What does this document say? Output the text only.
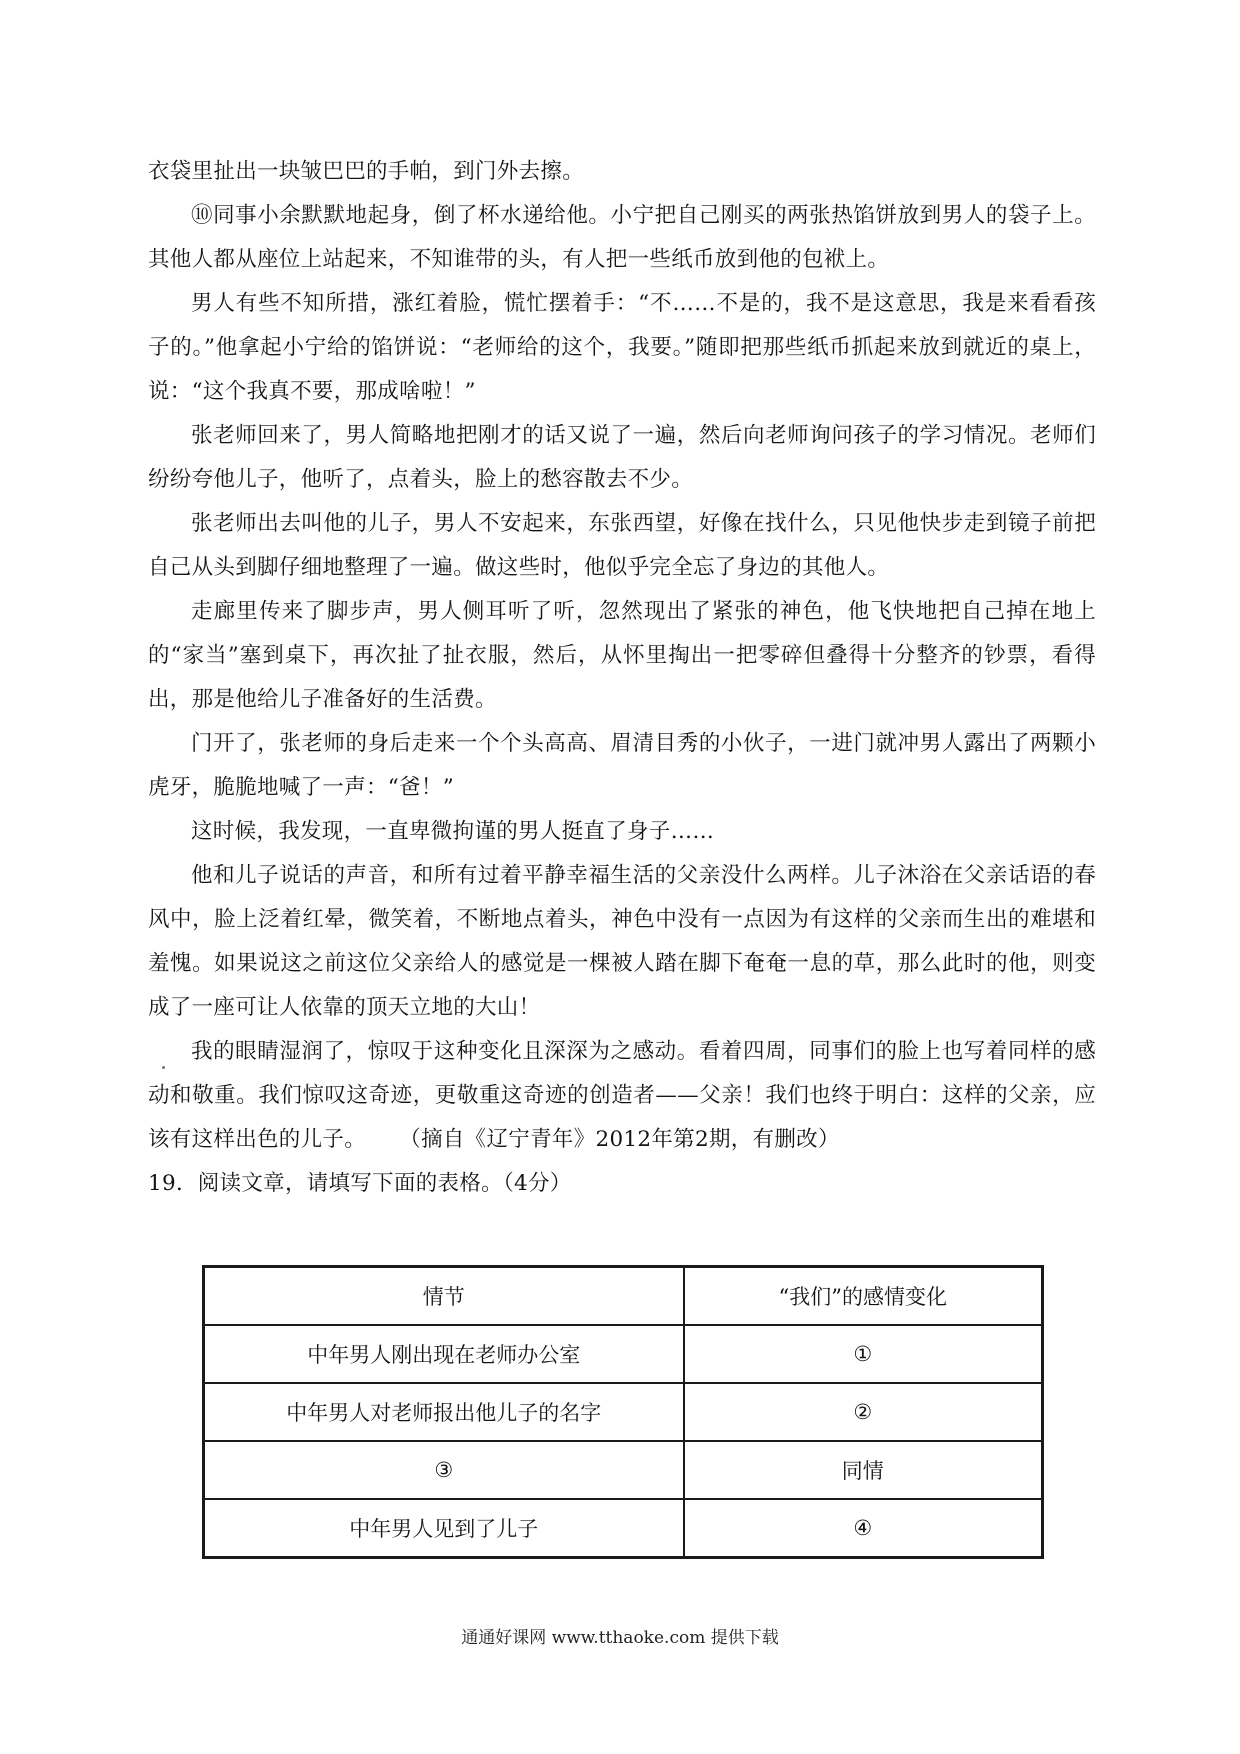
衣袋里扯出一块皱巴巴的手帕，到门外去擦。

⑩同事小余默默地起身，倒了杯水递给他。小宁把自己刚买的两张热馅饼放到男人的袋子上。其他人都从座位上站起来，不知谁带的头，有人把一些纸币放到他的包袱上。

男人有些不知所措，涨红着脸，慌忙摆着手：“不……不是的，我不是这意思，我是来看看孩子的。”他拿起小宁给的馅饼说：“老师给的这个，我要。”随即把那些纸币抓起来放到就近的桌上，说：“这个我真不要，那成啥啦！”

张老师回来了，男人简略地把刚才的话又说了一遍，然后向老师询问孩子的学习情况。老师们纷纷夸他儿子，他听了，点着头，脸上的愁容散去不少。

张老师出去叫他的儿子，男人不安起来，东张西望，好像在找什么，只见他快步走到镜子前把自己从头到脚仔细地整理了一遍。做这些时，他似乎完全忘了身边的其他人。

走廊里传来了脚步声，男人侧耳听了听，忽然现出了紧张的神色，他飞快地把自己掉在地上的“家当”塞到桌下，再次扯了扯衣服，然后，从怀里掏出一把零碎但叠得十分整齐的钞票，看得出，那是他给儿子准备好的生活费。

门开了，张老师的身后走来一个个头高高、眉清目秀的小伙子，一进门就冲男人露出了两颗小虎牙，脆脆地喊了一声：“爸！”

这时候，我发现，一直卑微拘谨的男人挺直了身子……

他和儿子说话的声音，和所有过着平静幸福生活的父亲没什么两样。儿子沐浴在父亲话语的春风中，脸上泛着红晕，微笑着，不断地点着头，神色中没有一点因为有这样的父亲而生出的难堪和羞愧。如果说这之前这位父亲给人的感觉是一棵被人踏在脚下奄奄一息的草，那么此时的他，则变成了一座可让人依靠的顶天立地的大山！

我的眼睛湿润了，惊叹于这种变化且深深为之感动。看着四周，同事们的脸上也写着同样的感动和敬重。我们惊叹这奇迹，更敬重这奇迹的创造者——父亲！我们也终于明白：这样的父亲，应该有这样出色的儿子。 （摘自《辽宁青年》2012年第2期，有删改）

19．阅读文章，请填写下面的表格。（4分）

情节	“我们”的感情变化
中年男人刚出现在老师办公室	①
中年男人对老师报出他儿子的名字	②
③	同情
中年男人见到了儿子	④
通通好课网 www.tthaoke.com 提供下载
